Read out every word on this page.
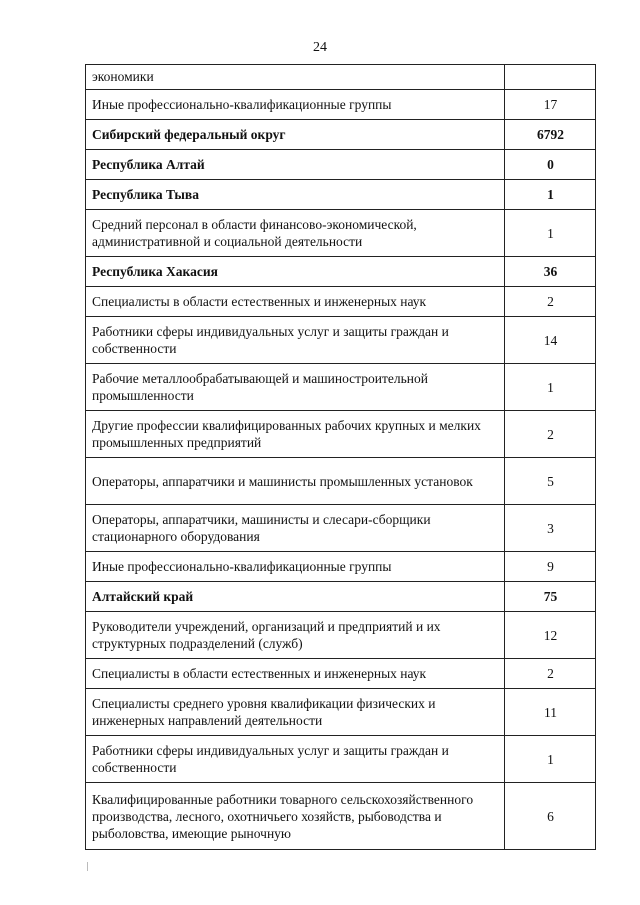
24
экономики	
Иные профессионально-квалификационные группы	17
Сибирский федеральный округ	6792
Республика Алтай	0
Республика Тыва	1
Средний персонал в области финансово-экономической, административной и социальной деятельности	1
Республика Хакасия	36
Специалисты в области естественных и инженерных наук	2
Работники сферы индивидуальных услуг и защиты граждан и собственности	14
Рабочие металлообрабатывающей и машиностроительной промышленности	1
Другие профессии квалифицированных рабочих крупных и мелких промышленных предприятий	2
Операторы, аппаратчики и машинисты промышленных установок	5
Операторы, аппаратчики, машинисты и слесари-сборщики стационарного оборудования	3
Иные профессионально-квалификационные группы	9
Алтайский край	75
Руководители учреждений, организаций и предприятий и их структурных подразделений (служб)	12
Специалисты в области естественных и инженерных наук	2
Специалисты среднего уровня квалификации физических и инженерных направлений деятельности	11
Работники сферы индивидуальных услуг и защиты граждан и собственности	1
Квалифицированные работники товарного сельскохозяйственного производства, лесного, охотничьего хозяйств, рыбоводства и рыболовства, имеющие рыночную	6
